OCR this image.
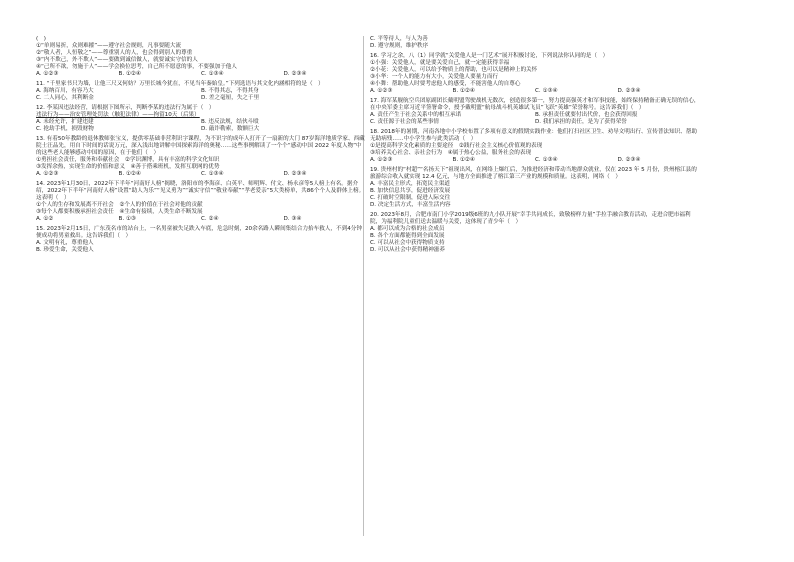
(　)

①“单则易折，众则难摧”——遵守社会规则，凡事要随大流

②“敬人者，人恒敬之”——尊重别人的人，也会得到别人的尊重

③“内不欺己，外不欺人”——要做到诚信做人，就要诚实守信的人

④“己所不欲，勿施于人”——学会换位思考，自己所不愿意的事，不要强加于他人

A. ①②③	B. ①②④	C. ①③④	D. ②③④

11. “千里家书只为墙，让他三尺又何妨？万里长城今犹在，不见当年秦始皇。”下列选语与其文化内涵相符的是（　）

A. 海纳百川，有容乃大	B. 不得其志，不得其身
C. 二人同心，其利断金	D. 差之毫厘，失之千里

12. 李某因违法经营，请根据下图所示，判断李某的违法行为属于（　）

违法行为——治安管理处罚法（触犯法律）——拘留10天（后果）

A. 未经允许，扩建违建	B. 违反法规，结伙斗殴
C. 抢劫手机，损毁财物	D. 敲诈勒索，数额巨大

13. 有着50年教龄的退休教师张宝义，提供零基础非营利识字课程，为不识字的成年人打开了一扇新的大门 87岁海洋地质学家、西藏院士汪品先，用自下时间的话说万元，深入浅出地讲解中国探索海洋的奥秘……这些事例解读了一个个“感动中国 2022 年度人物”中的这些老人能够感动中国的原因，在于他们（　）

①勇担社会责任，服务和奉献社会　②学识渊博，具有丰富的科学文化知识

③发挥余热，实现生命的价值和意义　④善于搭乘班机，发挥互联网的优势

A. ①②③	B. ①②④	C. ①③④	D. ②③④

14. 2023年1月30日，2022年下半年“河南好人榜”揭晓，洛阳市的李海彦、白英平、师明辉、付文、杨永彦等5人榜上有名。据介绍，2022年下半年“河南好人榜”设置“助人为乐”“见义勇为”“诚实守信”“敬业奉献”“孝老爱亲”5大类榜单，共86个个人及群体上榜。这表明（　）

①个人的生存和发展离不开社会　②个人的价值在于社会对他的贡献

③每个人都要积极承担社会责任　④生命有接续，人类生命不断发展

A. ①②	B. ①③	C. ②④	D. ③④

15. 2023年2月15日，广东茂名市的站台上，一名男童被失足跌入车底，危急时刻，20余名路人瞬间集结合力抬车救人，不到4分钟便成功将男童救出。这告诉我们（　）

A. 文明有礼，尊重他人

B. 珍爱生命，关爱他人

C. 平等待人，与人为善

D. 遵守规则，维护秩序

16. 学习之余，八（1）同学就“关爱他人是一门艺术”展开积极讨论，下列说法你认同的是（　）

①小强：关爱他人，就是要关爱自己，就一定能获得幸福

②小花：关爱他人，可以给予物质上的帮助，也可以是精神上的关怀

③小华：一个人的能力有大小，关爱他人要量力而行

④小舞：帮助他人时要考虑他人的感受，不能害他人的自尊心

A. ①②③	B. ①②④	C. ①③④	D. ②③④

17. 海军某舰航空兵团原副团长戴明盟驾驶战机无数次，创造很多第一，努力提高强英才和军事技能，始终保持精备正确无误的信心，在中央军委主席习近平签署命令，授予戴明盟“航母战斗机英雄试飞员”飞跃“英雄”荣誉称号。这告诉我们（　）

A. 责任产生于社会关系中的相互承诺	B. 承担责任就要付出代价，也会获得回报
C. 责任源于社会的某些事情	D. 我们承担的责任，是为了获得荣誉

18. 2018年的暑期，河南各地中小学校布置了多项有意义的假期实践作业：他们打扫社区卫生、劝导文明出行、宣传普法知识、帮助无助病残……中小学生参与此类活动（　）

①是提高科学文化素质的主要途径　②践行社会主义核心价值观的表现

③培养关心社会、亲社会行为　④属于热心公益，服务社会的表现

A. ①②③	B. ①②④	C. ①③④	D. ②③④

19. 贵州村的“村超”“名扬天下”祖现出风，在网络上爆红后，为推进经济和带动当地群众就业，仅在 2023 年 5 月份，贵州榕江县的旅游综合收入就实现 12.4 亿元，与地方全面推进了榕江第三产业的规模和质量。这表明，网络（　）

A. 丰富民主形式，拓宽民主渠道

B. 加快信息共享，促进经济发展

C. 打破时空限制，促进人际交往

D. 决定生活方式，丰富生活内容

20. 2023年8月，合肥市南门小学2019级6班的九小队开展“幸手共同成长，致敬榜样力量”手拉手融合教育活动，走进合肥市福利院，为福利院儿童们送去温暖与关爱，这体现了青少年（　）

A. 都可以成为合格的社会成员

B. 各个方面都能得到全面发展

C. 可以从社会中获得物质支持

D. 可以从社会中获得精神滋养
